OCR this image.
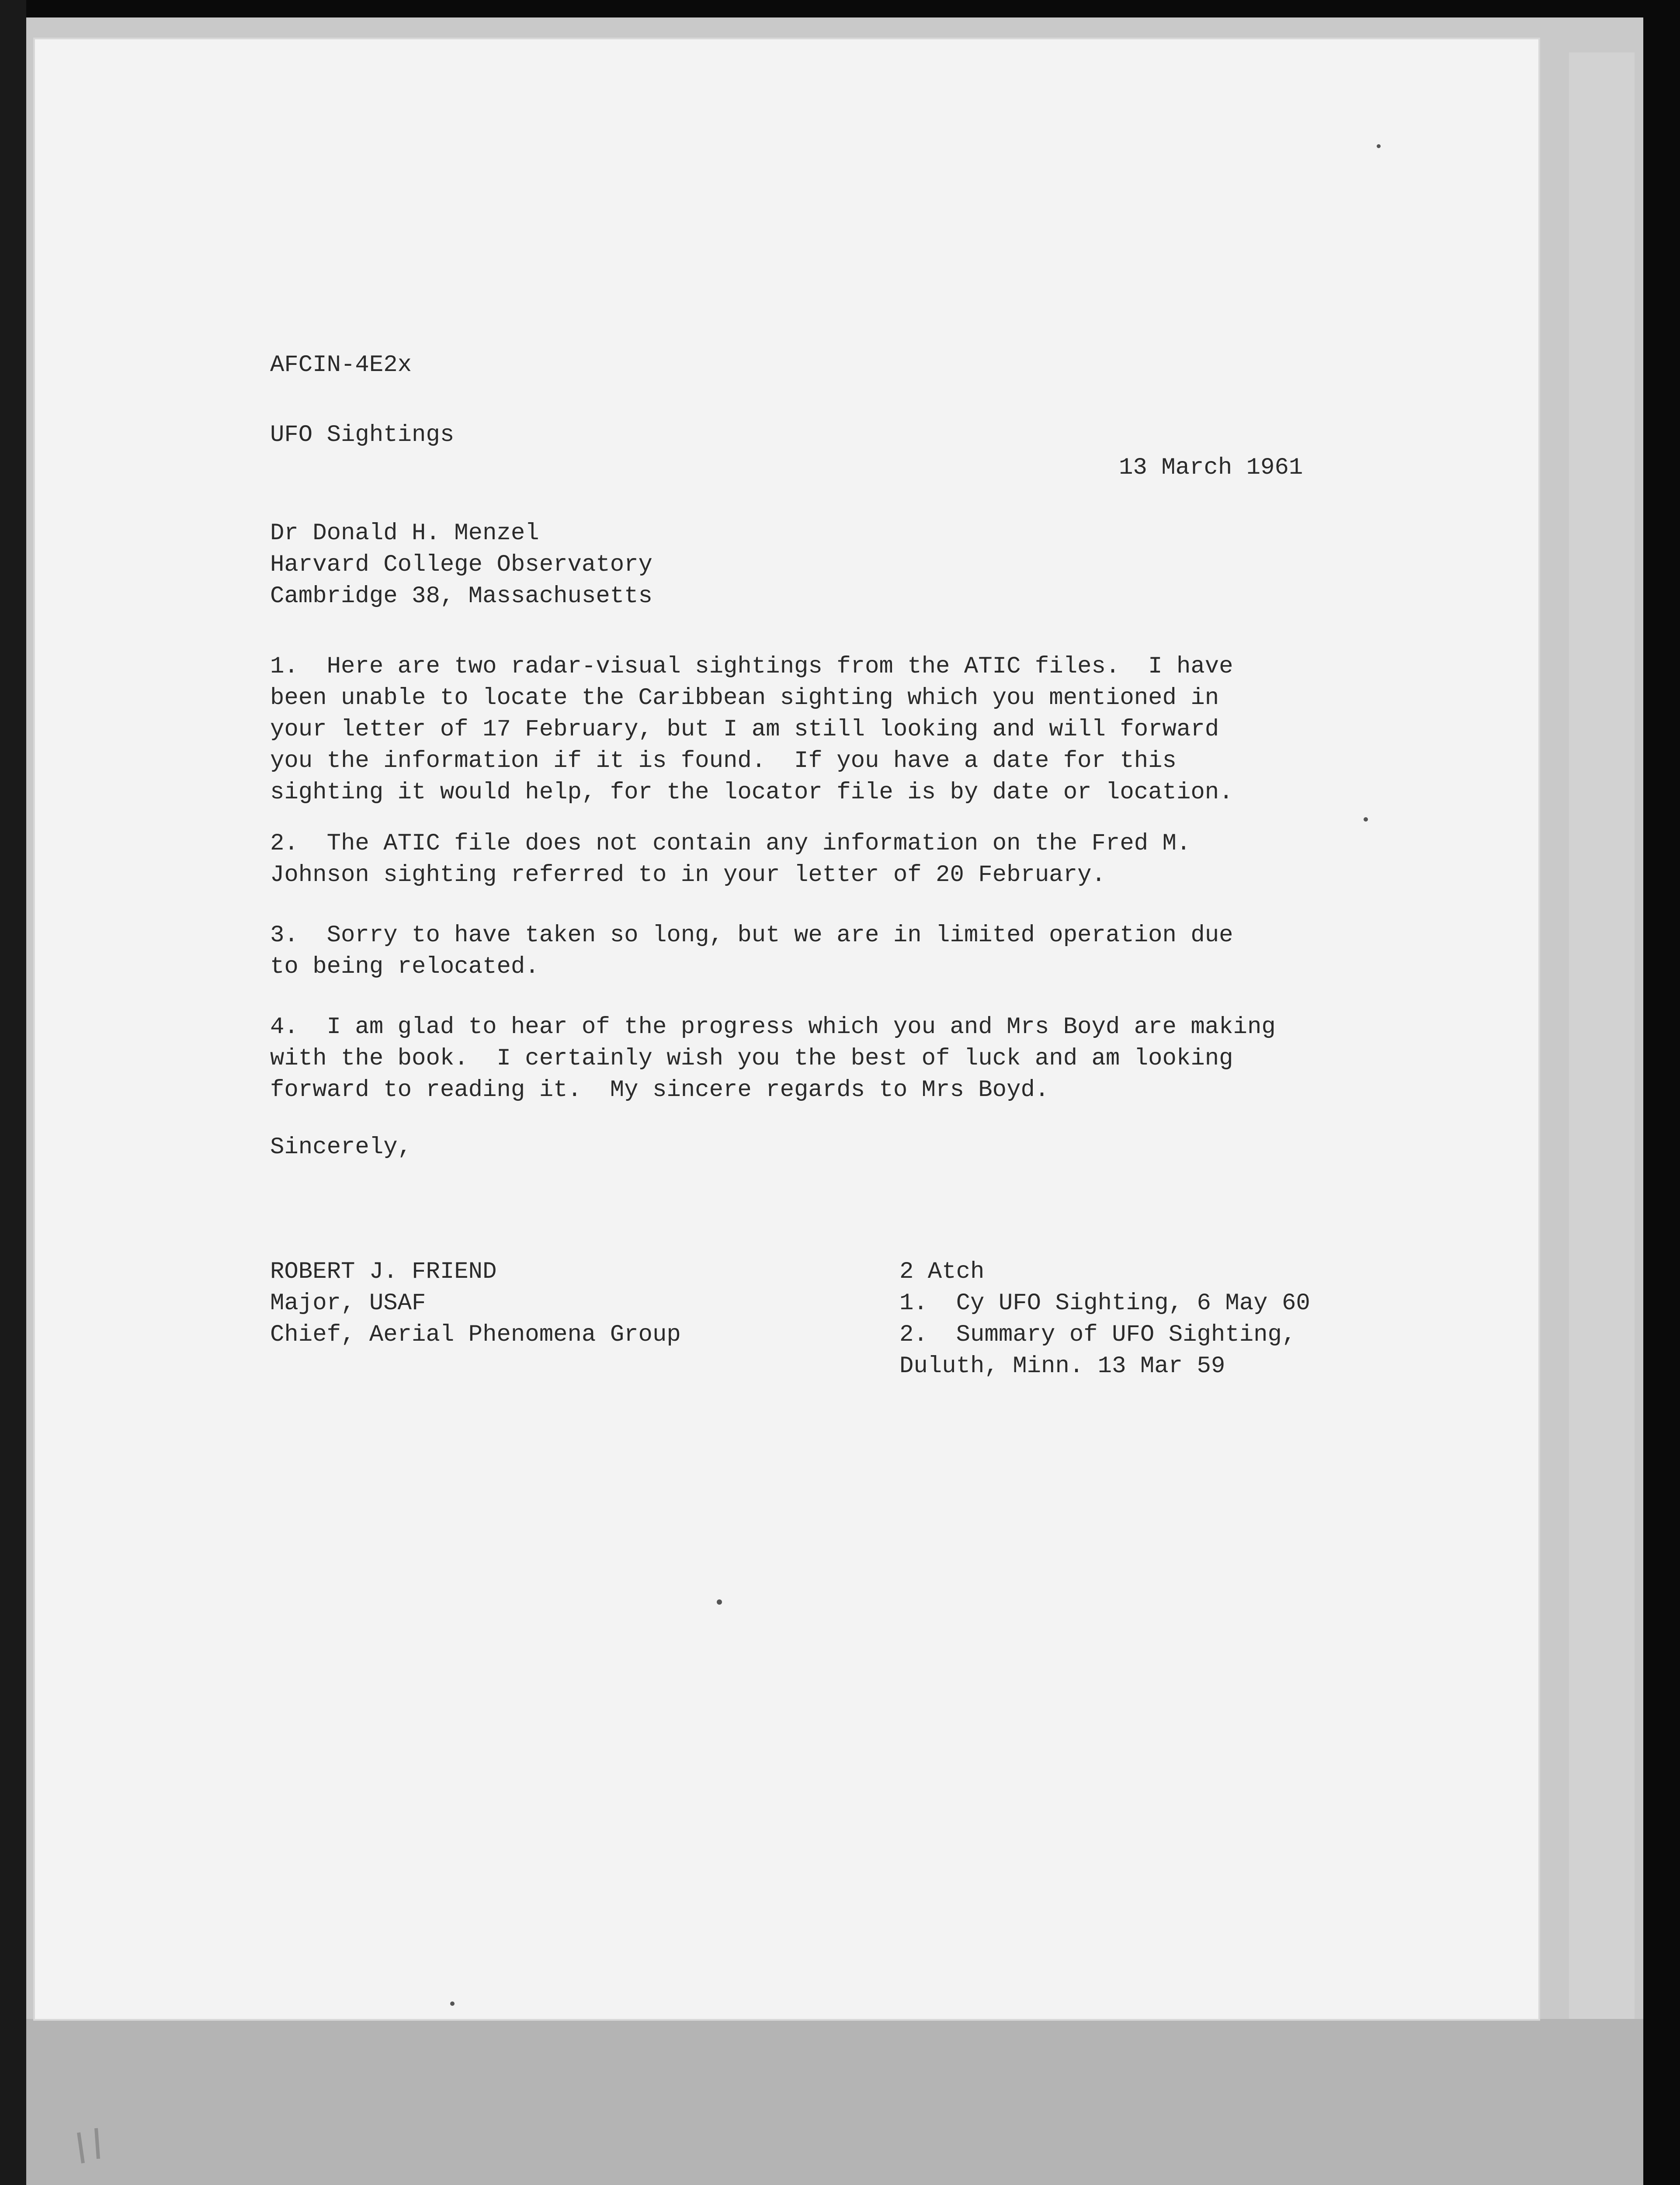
AFCIN-4E2x
UFO Sightings
13 March 1961
Dr Donald H. Menzel
Harvard College Observatory
Cambridge 38, Massachusetts
1.  Here are two radar-visual sightings from the ATIC files.  I have
been unable to locate the Caribbean sighting which you mentioned in
your letter of 17 February, but I am still looking and will forward
you the information if it is found.  If you have a date for this
sighting it would help, for the locator file is by date or location.
2.  The ATIC file does not contain any information on the Fred M.
Johnson sighting referred to in your letter of 20 February.
3.  Sorry to have taken so long, but we are in limited operation due
to being relocated.
4.  I am glad to hear of the progress which you and Mrs Boyd are making
with the book.  I certainly wish you the best of luck and am looking
forward to reading it.  My sincere regards to Mrs Boyd.
Sincerely,
ROBERT J. FRIEND
Major, USAF
Chief, Aerial Phenomena Group
2 Atch
1.  Cy UFO Sighting, 6 May 60
2.  Summary of UFO Sighting,
Duluth, Minn. 13 Mar 59
